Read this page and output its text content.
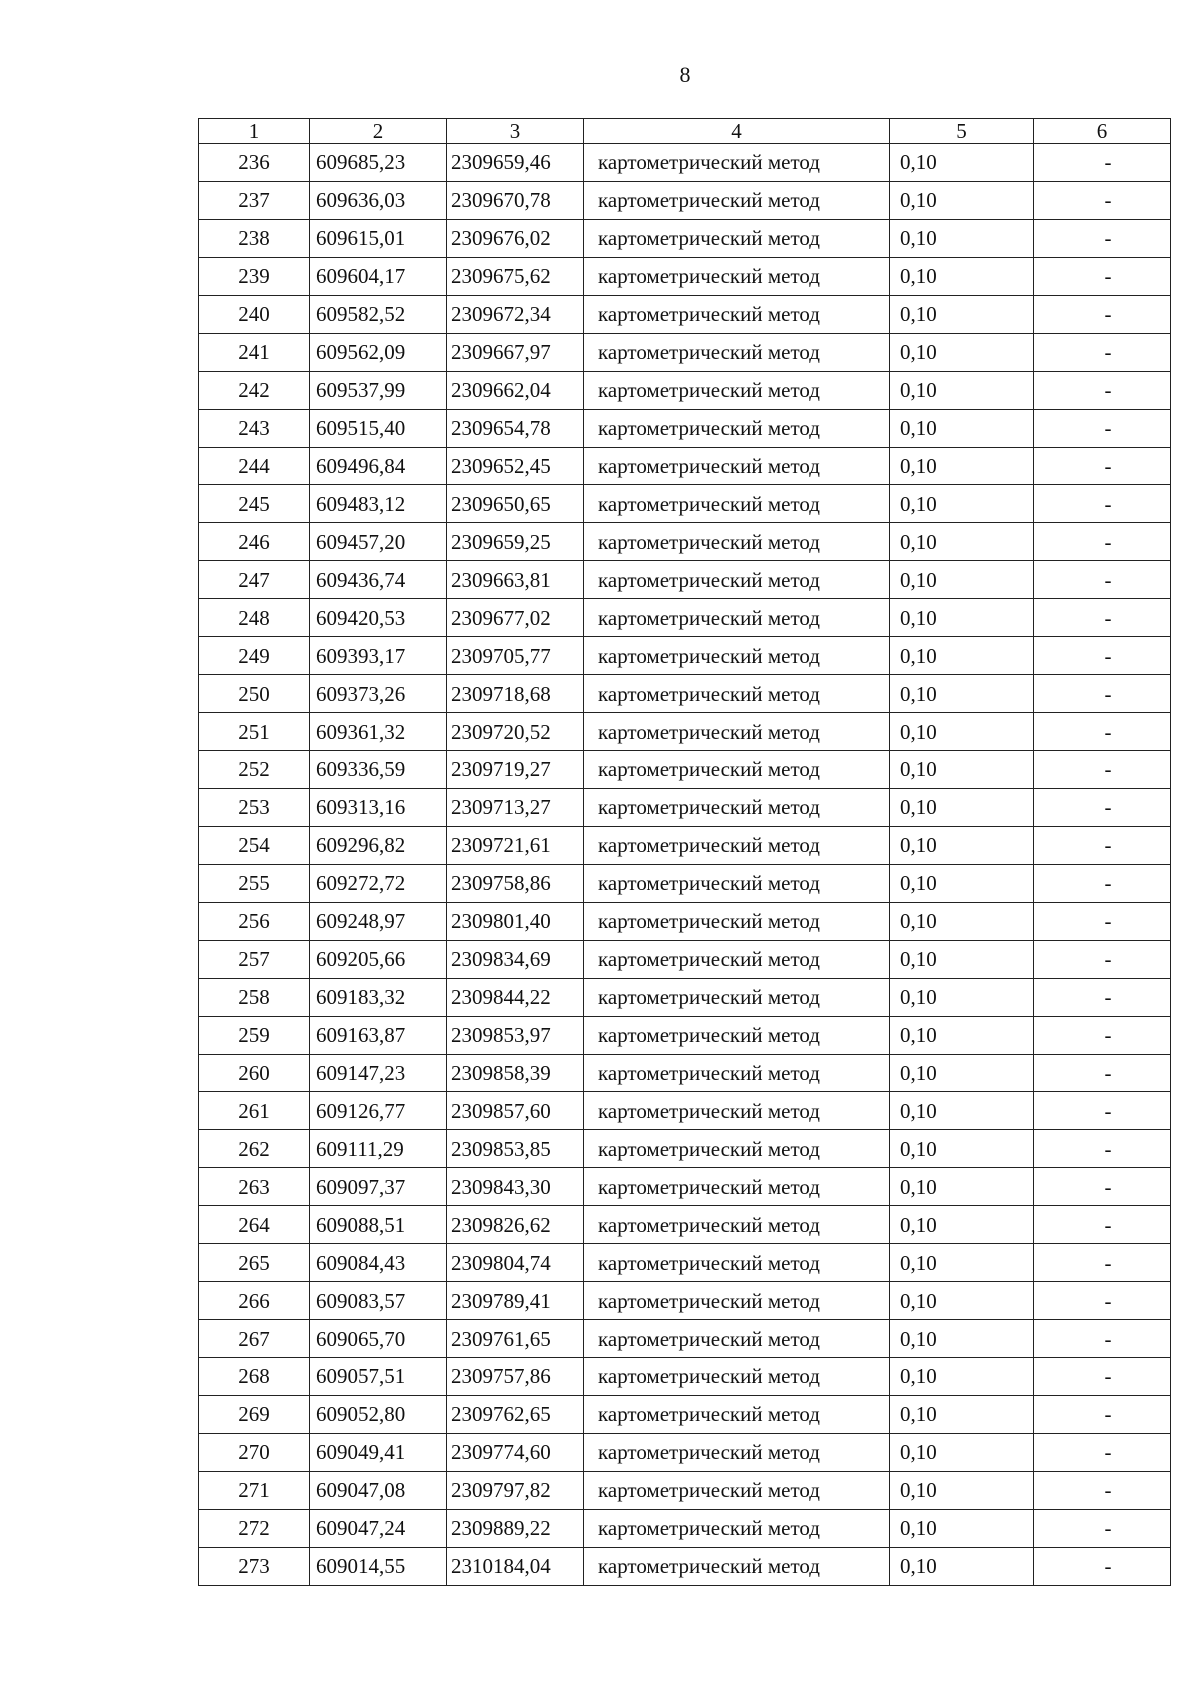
8
1	2	3	4	5	6
236	609685,23	2309659,46	картометрический метод	0,10	-
237	609636,03	2309670,78	картометрический метод	0,10	-
238	609615,01	2309676,02	картометрический метод	0,10	-
239	609604,17	2309675,62	картометрический метод	0,10	-
240	609582,52	2309672,34	картометрический метод	0,10	-
241	609562,09	2309667,97	картометрический метод	0,10	-
242	609537,99	2309662,04	картометрический метод	0,10	-
243	609515,40	2309654,78	картометрический метод	0,10	-
244	609496,84	2309652,45	картометрический метод	0,10	-
245	609483,12	2309650,65	картометрический метод	0,10	-
246	609457,20	2309659,25	картометрический метод	0,10	-
247	609436,74	2309663,81	картометрический метод	0,10	-
248	609420,53	2309677,02	картометрический метод	0,10	-
249	609393,17	2309705,77	картометрический метод	0,10	-
250	609373,26	2309718,68	картометрический метод	0,10	-
251	609361,32	2309720,52	картометрический метод	0,10	-
252	609336,59	2309719,27	картометрический метод	0,10	-
253	609313,16	2309713,27	картометрический метод	0,10	-
254	609296,82	2309721,61	картометрический метод	0,10	-
255	609272,72	2309758,86	картометрический метод	0,10	-
256	609248,97	2309801,40	картометрический метод	0,10	-
257	609205,66	2309834,69	картометрический метод	0,10	-
258	609183,32	2309844,22	картометрический метод	0,10	-
259	609163,87	2309853,97	картометрический метод	0,10	-
260	609147,23	2309858,39	картометрический метод	0,10	-
261	609126,77	2309857,60	картометрический метод	0,10	-
262	609111,29	2309853,85	картометрический метод	0,10	-
263	609097,37	2309843,30	картометрический метод	0,10	-
264	609088,51	2309826,62	картометрический метод	0,10	-
265	609084,43	2309804,74	картометрический метод	0,10	-
266	609083,57	2309789,41	картометрический метод	0,10	-
267	609065,70	2309761,65	картометрический метод	0,10	-
268	609057,51	2309757,86	картометрический метод	0,10	-
269	609052,80	2309762,65	картометрический метод	0,10	-
270	609049,41	2309774,60	картометрический метод	0,10	-
271	609047,08	2309797,82	картометрический метод	0,10	-
272	609047,24	2309889,22	картометрический метод	0,10	-
273	609014,55	2310184,04	картометрический метод	0,10	-
